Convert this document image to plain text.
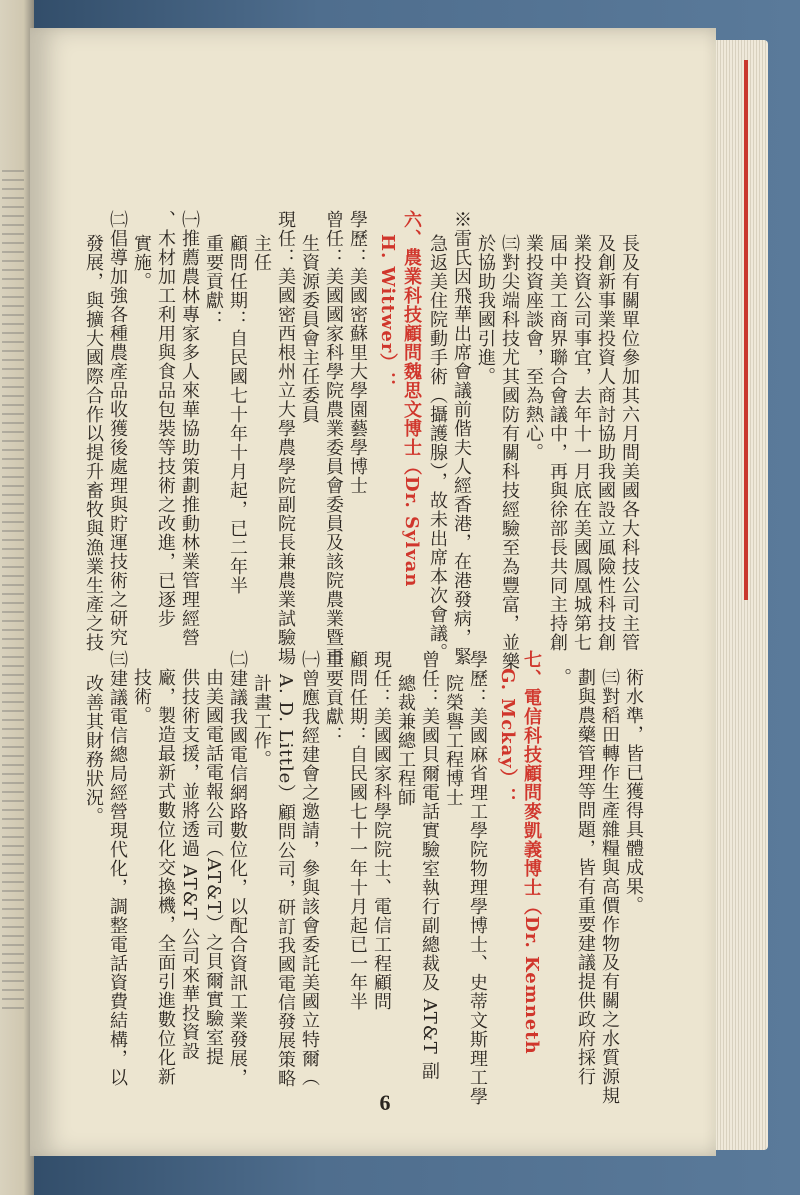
長及有關單位參加其六月間美國各大科技公司主管
及創新事業投資人商討協助我國設立風險性科技創
業投資公司事宜，去年十一月底在美國鳳凰城第七
屆中美工商界聯合會議中，再與徐部長共同主持創
業投資座談會，至為熱心。
㈢對尖端科技尤其國防有關科技經驗至為豐富，並樂
於協助我國引進。
※雷氏因飛華出席會議前偕夫人經香港，在港發病，緊
急返美住院動手術（攝護腺），故未出席本次會議。
六、農業科技顧問魏思文博士（Dr. Sylvan
H. Wittwer）：
學歷：美國密蘇里大學園藝學博士
曾任：美國國家科學院農業委員會委員及該院農業暨再
生資源委員會主任委員
現任：美國密西根州立大學農學院副院長兼農業試驗場
主任
顧問任期：自民國七十年十月起，已二年半
重要貢獻：
㈠推薦農林專家多人來華協助策劃推動林業管理經營
、木材加工利用與食品包裝等技術之改進，已逐步
實施。
㈡倡導加強各種農產品收獲後處理與貯運技術之研究
發展，與擴大國際合作以提升畜牧與漁業生產之技
術水準，皆已獲得具體成果。
㈢對稻田轉作生產雜糧與高價作物及有關之水質源規
劃與農藥管理等問題，皆有重要建議提供政府採行
。
七、電信科技顧問麥凱義博士（Dr. Kemneth
G. Mckay）：
學歷：美國麻省理工學院物理學博士、史蒂文斯理工學
院榮譽工程博士
曾任：美國貝爾電話實驗室執行副總裁及 AT&T 副
總裁兼總工程師
現任：美國國家科學院院士、電信工程顧問
顧問任期：自民國七十一年十月起已一年半
重要貢獻：
㈠曾應我經建會之邀請，參與該會委託美國立特爾（
A. D. Little）顧問公司，研訂我國電信發展策略
計畫工作。
㈡建議我國電信網路數位化，以配合資訊工業發展，
由美國電話電報公司（AT&T）之貝爾實驗室提
供技術支援，並將透過 AT&T 公司來華投資設
廠，製造最新式數位化交換機，全面引進數位化新
技術。
㈢建議電信總局經營現代化，調整電話資費結構，以
改善其財務狀況。
6
